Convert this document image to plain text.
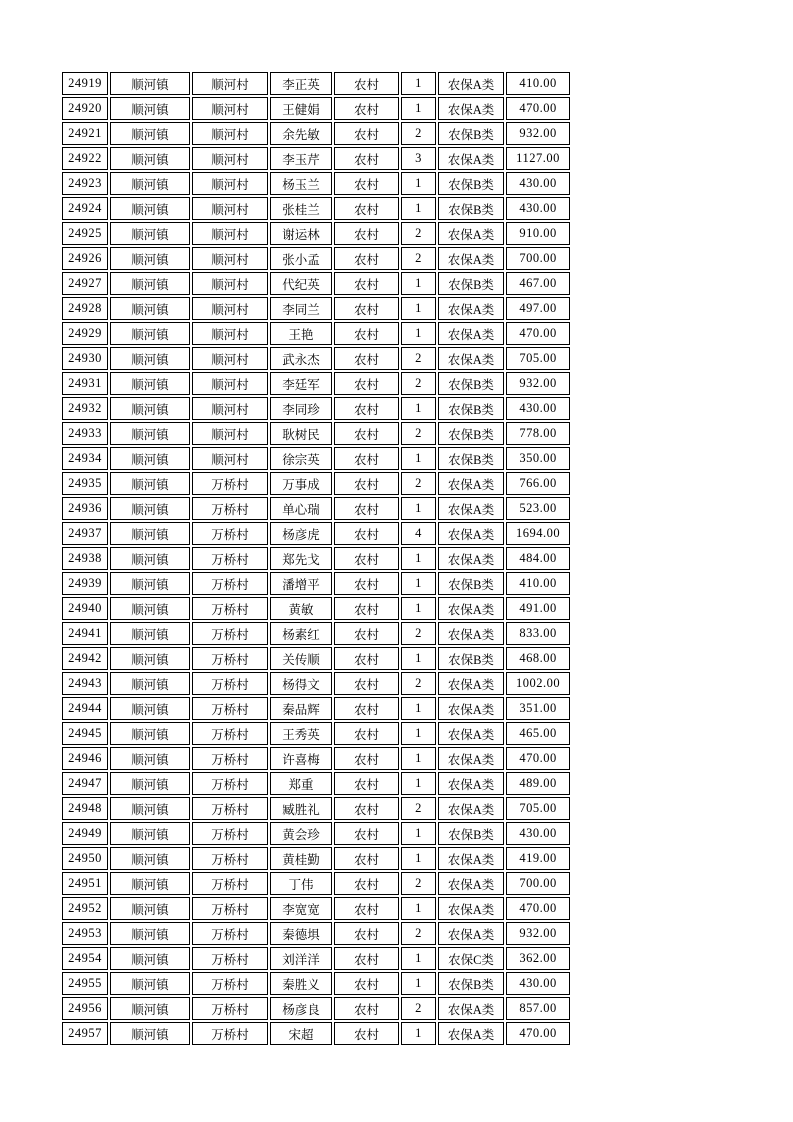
24919	顺河镇	顺河村	李正英	农村	1	农保A类	410.00
24920	顺河镇	顺河村	王健娟	农村	1	农保A类	470.00
24921	顺河镇	顺河村	余先敏	农村	2	农保B类	932.00
24922	顺河镇	顺河村	李玉芹	农村	3	农保A类	1127.00
24923	顺河镇	顺河村	杨玉兰	农村	1	农保B类	430.00
24924	顺河镇	顺河村	张桂兰	农村	1	农保B类	430.00
24925	顺河镇	顺河村	谢运林	农村	2	农保A类	910.00
24926	顺河镇	顺河村	张小孟	农村	2	农保A类	700.00
24927	顺河镇	顺河村	代纪英	农村	1	农保B类	467.00
24928	顺河镇	顺河村	李同兰	农村	1	农保A类	497.00
24929	顺河镇	顺河村	王艳	农村	1	农保A类	470.00
24930	顺河镇	顺河村	武永杰	农村	2	农保A类	705.00
24931	顺河镇	顺河村	李廷军	农村	2	农保B类	932.00
24932	顺河镇	顺河村	李同珍	农村	1	农保B类	430.00
24933	顺河镇	顺河村	耿树民	农村	2	农保B类	778.00
24934	顺河镇	顺河村	徐宗英	农村	1	农保B类	350.00
24935	顺河镇	万桥村	万事成	农村	2	农保A类	766.00
24936	顺河镇	万桥村	单心瑞	农村	1	农保A类	523.00
24937	顺河镇	万桥村	杨彦虎	农村	4	农保A类	1694.00
24938	顺河镇	万桥村	郑先戈	农村	1	农保A类	484.00
24939	顺河镇	万桥村	潘增平	农村	1	农保B类	410.00
24940	顺河镇	万桥村	黄敏	农村	1	农保A类	491.00
24941	顺河镇	万桥村	杨素红	农村	2	农保A类	833.00
24942	顺河镇	万桥村	关传顺	农村	1	农保B类	468.00
24943	顺河镇	万桥村	杨得文	农村	2	农保A类	1002.00
24944	顺河镇	万桥村	秦品辉	农村	1	农保A类	351.00
24945	顺河镇	万桥村	王秀英	农村	1	农保A类	465.00
24946	顺河镇	万桥村	许喜梅	农村	1	农保A类	470.00
24947	顺河镇	万桥村	郑重	农村	1	农保A类	489.00
24948	顺河镇	万桥村	臧胜礼	农村	2	农保A类	705.00
24949	顺河镇	万桥村	黄会珍	农村	1	农保B类	430.00
24950	顺河镇	万桥村	黄桂勤	农村	1	农保A类	419.00
24951	顺河镇	万桥村	丁伟	农村	2	农保A类	700.00
24952	顺河镇	万桥村	李宽宽	农村	1	农保A类	470.00
24953	顺河镇	万桥村	秦德埧	农村	2	农保A类	932.00
24954	顺河镇	万桥村	刘洋洋	农村	1	农保C类	362.00
24955	顺河镇	万桥村	秦胜义	农村	1	农保B类	430.00
24956	顺河镇	万桥村	杨彦良	农村	2	农保A类	857.00
24957	顺河镇	万桥村	宋超	农村	1	农保A类	470.00
